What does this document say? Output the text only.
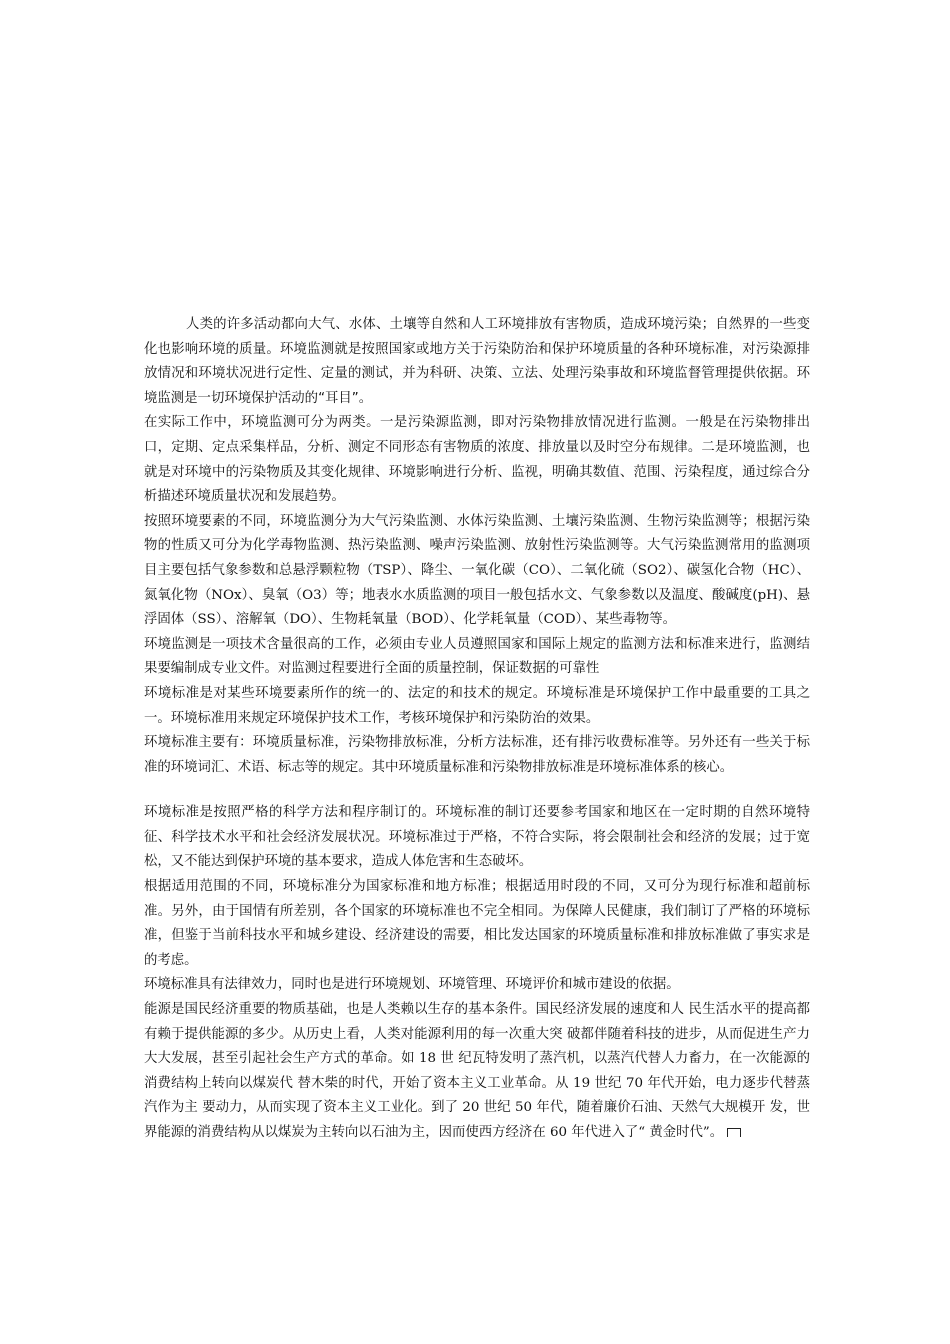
人类的许多活动都向大气、水体、土壤等自然和人工环境排放有害物质，造成环境污染；自然界的一些变化也影响环境的质量。环境监测就是按照国家或地方关于污染防治和保护环境质量的各种环境标准，对污染源排放情况和环境状况进行定性、定量的测试，并为科研、决策、立法、处理污染事故和环境监督管理提供依据。环境监测是一切环境保护活动的“耳目”。

在实际工作中，环境监测可分为两类。一是污染源监测，即对污染物排放情况进行监测。一般是在污染物排出口，定期、定点采集样品，分析、测定不同形态有害物质的浓度、排放量以及时空分布规律。二是环境监测，也就是对环境中的污染物质及其变化规律、环境影响进行分析、监视，明确其数值、范围、污染程度，通过综合分析描述环境质量状况和发展趋势。

按照环境要素的不同，环境监测分为大气污染监测、水体污染监测、土壤污染监测、生物污染监测等；根据污染物的性质又可分为化学毒物监测、热污染监测、噪声污染监测、放射性污染监测等。大气污染监测常用的监测项目主要包括气象参数和总悬浮颗粒物（TSP）、降尘、一氧化碳（CO）、二氧化硫（SO2）、碳氢化合物（HC）、氮氧化物（NOx）、臭氧（O3）等；地表水水质监测的项目一般包括水文、气象参数以及温度、酸碱度(pH)、悬浮固体（SS）、溶解氧（DO）、生物耗氧量（BOD）、化学耗氧量（COD）、某些毒物等。

环境监测是一项技术含量很高的工作，必须由专业人员遵照国家和国际上规定的监测方法和标准来进行，监测结果要编制成专业文件。对监测过程要进行全面的质量控制，保证数据的可靠性

环境标准是对某些环境要素所作的统一的、法定的和技术的规定。环境标准是环境保护工作中最重要的工具之一。环境标准用来规定环境保护技术工作，考核环境保护和污染防治的效果。

环境标准主要有：环境质量标准，污染物排放标准，分析方法标准，还有排污收费标准等。另外还有一些关于标准的环境词汇、术语、标志等的规定。其中环境质量标准和污染物排放标准是环境标准体系的核心。

环境标准是按照严格的科学方法和程序制订的。环境标准的制订还要参考国家和地区在一定时期的自然环境特征、科学技术水平和社会经济发展状况。环境标准过于严格，不符合实际，将会限制社会和经济的发展；过于宽松，又不能达到保护环境的基本要求，造成人体危害和生态破坏。

根据适用范围的不同，环境标准分为国家标准和地方标准；根据适用时段的不同，又可分为现行标准和超前标准。另外，由于国情有所差别，各个国家的环境标准也不完全相同。为保障人民健康，我们制订了严格的环境标准，但鉴于当前科技水平和城乡建设、经济建设的需要，相比发达国家的环境质量标准和排放标准做了事实求是的考虑。

环境标准具有法律效力，同时也是进行环境规划、环境管理、环境评价和城市建设的依据。

能源是国民经济重要的物质基础，也是人类赖以生存的基本条件。国民经济发展的速度和人 民生活水平的提高都有赖于提供能源的多少。从历史上看，人类对能源利用的每一次重大突 破都伴随着科技的进步，从而促进生产力大大发展，甚至引起社会生产方式的革命。如 18 世 纪瓦特发明了蒸汽机，以蒸汽代替人力畜力，在一次能源的消费结构上转向以煤炭代 替木柴的时代，开始了资本主义工业革命。从 19 世纪 70 年代开始，电力逐步代替蒸汽作为主 要动力，从而实现了资本主义工业化。到了 20 世纪 50 年代，随着廉价石油、天然气大规模开 发，世界能源的消费结构从以煤炭为主转向以石油为主，因而使西方经济在 60 年代进入了“ 黄金时代”。
